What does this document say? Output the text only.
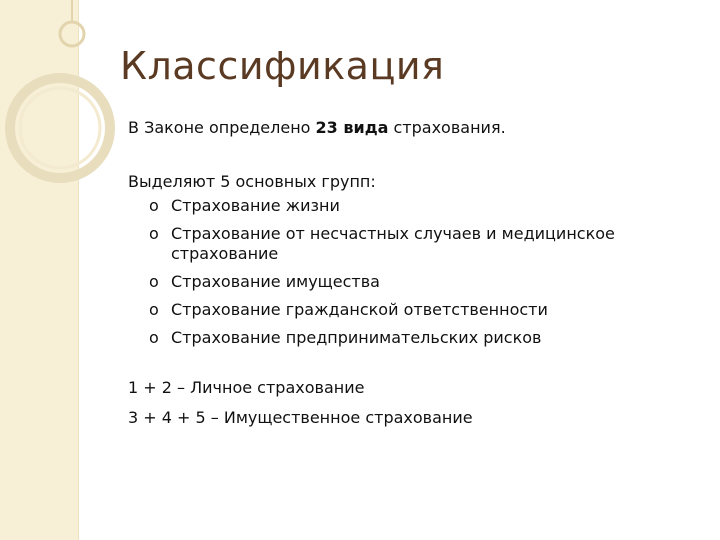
Классификация

В Законе определено 23 вида страхования.

Выделяют 5 основных групп:

o Страхование жизни
o Страхование от несчастных случаев и медицинское страхование
o Страхование имущества
o Страхование гражданской ответственности
o Страхование предпринимательских рисков

1 + 2 – Личное страхование

3 + 4 + 5 – Имущественное страхование
